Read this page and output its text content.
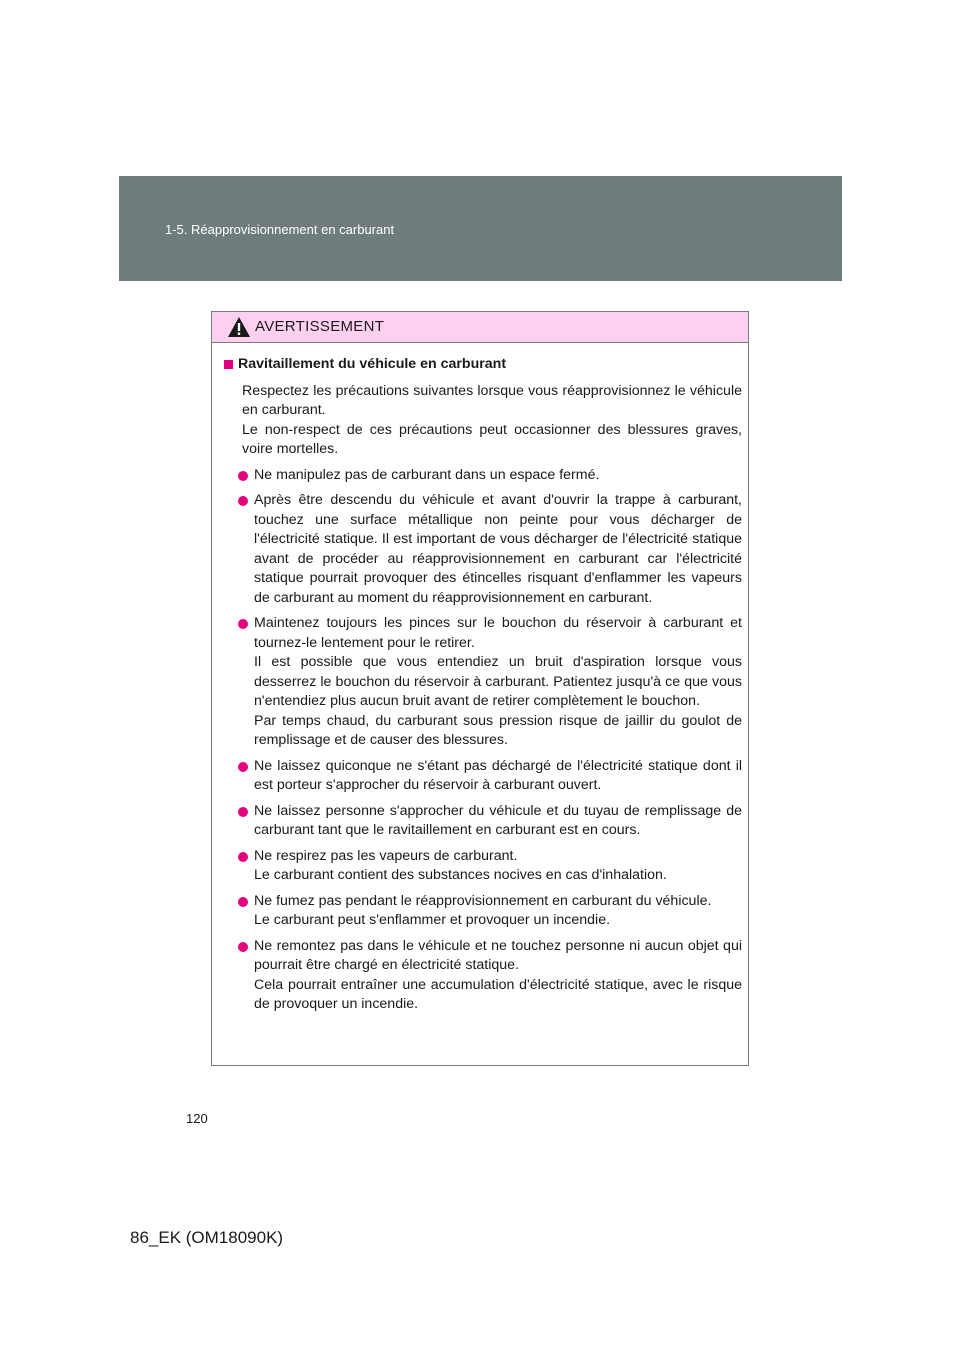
1-5. Réapprovisionnement en carburant
AVERTISSEMENT
Ravitaillement du véhicule en carburant

Respectez les précautions suivantes lorsque vous réapprovisionnez le véhicule en carburant.

Le non-respect de ces précautions peut occasionner des blessures graves, voire mortelles.

Ne manipulez pas de carburant dans un espace fermé.

Après être descendu du véhicule et avant d'ouvrir la trappe à carburant, touchez une surface métallique non peinte pour vous décharger de l'électricité statique. Il est important de vous décharger de l'électricité statique avant de procéder au réapprovisionnement en carburant car l'électricité statique pourrait provoquer des étincelles risquant d'enflammer les vapeurs de carburant au moment du réapprovisionnement en carburant.

Maintenez toujours les pinces sur le bouchon du réservoir à carburant et tournez-le lentement pour le retirer.

Il est possible que vous entendiez un bruit d'aspiration lorsque vous desserrez le bouchon du réservoir à carburant. Patientez jusqu'à ce que vous n'entendiez plus aucun bruit avant de retirer complètement le bouchon.

Par temps chaud, du carburant sous pression risque de jaillir du goulot de remplissage et de causer des blessures.

Ne laissez quiconque ne s'étant pas déchargé de l'électricité statique dont il est porteur s'approcher du réservoir à carburant ouvert.

Ne laissez personne s'approcher du véhicule et du tuyau de remplissage de carburant tant que le ravitaillement en carburant est en cours.

Ne respirez pas les vapeurs de carburant.

Le carburant contient des substances nocives en cas d'inhalation.

Ne fumez pas pendant le réapprovisionnement en carburant du véhicule.

Le carburant peut s'enflammer et provoquer un incendie.

Ne remontez pas dans le véhicule et ne touchez personne ni aucun objet qui pourrait être chargé en électricité statique.

Cela pourrait entraîner une accumulation d'électricité statique, avec le risque de provoquer un incendie.

120
86_EK (OM18090K)
